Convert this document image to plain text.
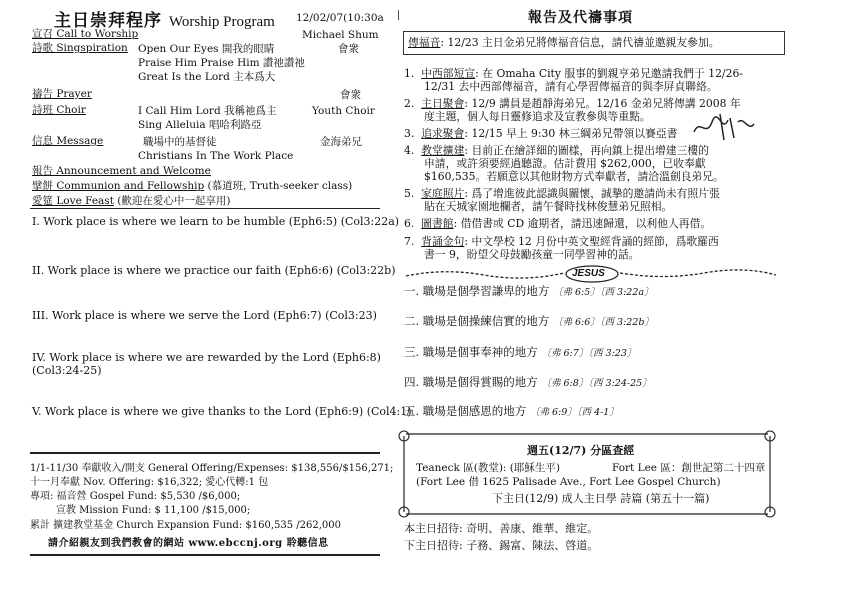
主日崇拜程序 Worship Program 12/02/07(10:30a
宣召 Call to Worship	Michael Shum
詩歌 Singspiration Open Our Eyes 開我的眼睛	會衆
Praise Him Praise Him 讚祂讚祂
Great Is the Lord 主本爲大
禱告 Prayer	會衆
詩班 Choir	I Call Him Lord 我稱祂爲主	Youth Choir
Sing Alleluia 唱哈利路亞
信息 Message	職場中的基督徒	金海弟兄
Christians In The Work Place
報告 Announcement and Welcome
擘餅 Communion and Fellowship (慕道班, Truth-seeker class)
愛筵 Love Feast (歡迎在愛心中一起享用)
I. Work place is where we learn to be humble (Eph6:5) (Col3:22a)
II. Work place is where we practice our faith (Eph6:6) (Col3:22b)
III. Work place is where we serve the Lord (Eph6:7) (Col3:23)
IV. Work place is where we are rewarded by the Lord (Eph6:8)
(Col3:24-25)
V. Work place is where we give thanks to the Lord (Eph6:9) (Col4:1)
1/1-11/30 奉獻收入/開支 General Offering/Expenses: $138,556/$156,271;
十一月奉獻 Nov. Offering: $16,322; 愛心代轉:1 包
專項: 福音營 Gospel Fund: $5,530 /$6,000;
宣教 Mission Fund: $ 11,100 /$15,000;
累計 擴建教堂基金 Church Expansion Fund: $160,535 /262,000
請介紹親友到我們教會的網站 www.ebccnj.org 聆聽信息
報告及代禱事項
傳福音: 12/23 主日金弟兄將傳福音信息，請代禱並邀親友參加。
1. 中西部短宣: 在 Omaha City 服事的劉親亨弟兄邀請我們于 12/26-
12/31 去中西部傳福音，請有心學習傳福音的與李屏貞聯絡。
2. 主日聚會: 12/9 講員是趙靜海弟兄。12/16 金弟兄將傳講 2008 年
度主題，個人每日靈修追求及宣教參與等重點。
3. 追求聚會: 12/15 早上 9:30 林三綱弟兄帶領以賽亞書
4. 教堂擴建: 目前正在繪詳細的圖樣，再向鎮上提出增建三樓的
申請，或許須要經過聽證。估計費用 $262,000，已收奉獻
$160,535。若願意以其他財物方式奉獻者，請洽溫劍良弟兄。
5. 家庭照片: 爲了增進彼此認識與關懷，誠摯的邀請尚未有照片張
貼在天城家園地欄者，請午餐時找林俊慧弟兄照相。
6. 圖書館: 借借書或 CD 逾期者，請迅速歸還，以利他人再借。
7. 背誦金句: 中文學校 12 月份中英文聖經背誦的經節，爲歌羅西
書一 9，盼望父母鼓勵孩童一同學習神的話。
JESUS
一. 職場是個學習謙卑的地方 〔弗 6:5〕〔西 3:22a〕
二. 職場是個操練信實的地方 〔弗 6:6〕〔西 3:22b〕
三. 職場是個事奉神的地方 〔弗 6:7〕〔西 3:23〕
四. 職場是個得賞賜的地方 〔弗 6:8〕〔西 3:24-25〕
五. 職場是個感恩的地方 〔弗 6:9〕〔西 4-1〕
週五(12/7) 分區查經
Teaneck 區(教堂): (耶穌生平)	Fort Lee 區：創世記第二十四章
(Fort Lee 借 1625 Palisade Ave., Fort Lee Gospel Church)
下主日(12/9) 成人主日學 詩篇 (第五十一篇)
本主日招待: 奇明、善康、維華、維定。
下主日招待: 子務、錫富、陳法、啓道。
